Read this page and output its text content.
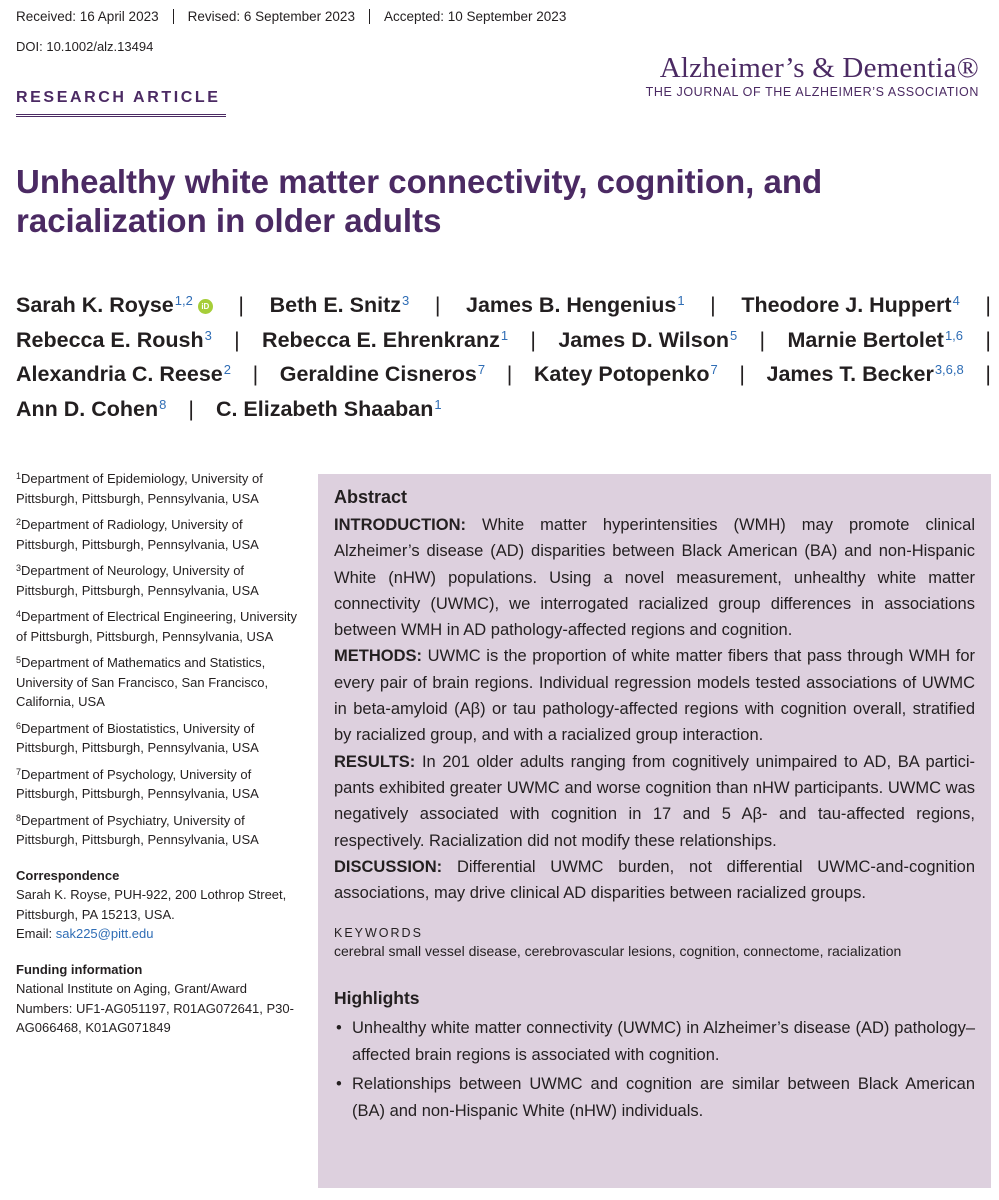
Received: 16 April 2023	Revised: 6 September 2023	Accepted: 10 September 2023
DOI: 10.1002/alz.13494
Alzheimer’s & Dementia®
THE JOURNAL OF THE ALZHEIMER’S ASSOCIATION
RESEARCH ARTICLE
Unhealthy white matter connectivity, cognition, and racialization in older adults
Sarah K. Royse$^{1,2}$ iD | Beth E. Snitz$^3$ | James B. Hengenius$^1$ | Theodore J. Huppert$^4$ |
Rebecca E. Roush$^3$ | Rebecca E. Ehrenkranz$^1$ | James D. Wilson$^5$ | Marnie Bertolet$^{1,6}$ |
Alexandria C. Reese$^2$ | Geraldine Cisneros$^7$ | Katey Potopenko$^7$ | James T. Becker$^{3,6,8}$ |
Ann D. Cohen$^8$ | C. Elizabeth Shaaban$^1$
$^1$Department of Epidemiology, University of Pittsburgh, Pittsburgh, Pennsylvania, USA
$^2$Department of Radiology, University of Pittsburgh, Pittsburgh, Pennsylvania, USA
$^3$Department of Neurology, University of Pittsburgh, Pittsburgh, Pennsylvania, USA
$^4$Department of Electrical Engineering, University of Pittsburgh, Pittsburgh, Pennsylvania, USA
$^5$Department of Mathematics and Statistics, University of San Francisco, San Francisco, California, USA
$^6$Department of Biostatistics, University of Pittsburgh, Pittsburgh, Pennsylvania, USA
$^7$Department of Psychology, University of Pittsburgh, Pittsburgh, Pennsylvania, USA
$^8$Department of Psychiatry, University of Pittsburgh, Pittsburgh, Pennsylvania, USA
Correspondence
Sarah K. Royse, PUH-922, 200 Lothrop Street, Pittsburgh, PA 15213, USA.
Email: sak225@pitt.edu
Funding information
National Institute on Aging, Grant/Award Numbers: UF1-AG051197, R01AG072641, P30-AG066468, K01AG071849
Abstract

INTRODUCTION: White matter hyperintensities (WMH) may promote clinical Alzheimer’s disease (AD) disparities between Black American (BA) and non-Hispanic White (nHW) populations. Using a novel measurement, unhealthy white matter connectivity (UWMC), we interrogated racialized group differences in associations between WMH in AD pathology-affected regions and cognition.

METHODS: UWMC is the proportion of white matter fibers that pass through WMH for every pair of brain regions. Individual regression models tested associations of UWMC in beta-amyloid (Aβ) or tau pathology-affected regions with cognition overall, stratified by racialized group, and with a racialized group interaction.

RESULTS: In 201 older adults ranging from cognitively unimpaired to AD, BA partici-pants exhibited greater UWMC and worse cognition than nHW participants. UWMC was negatively associated with cognition in 17 and 5 Aβ- and tau-affected regions, respectively. Racialization did not modify these relationships.

DISCUSSION: Differential UWMC burden, not differential UWMC-and-cognition associations, may drive clinical AD disparities between racialized groups.

KEYWORDS
cerebral small vessel disease, cerebrovascular lesions, cognition, connectome, racialization
Highlights
• Unhealthy white matter connectivity (UWMC) in Alzheimer’s disease (AD) pathology–affected brain regions is associated with cognition.
• Relationships between UWMC and cognition are similar between Black American (BA) and non-Hispanic White (nHW) individuals.
